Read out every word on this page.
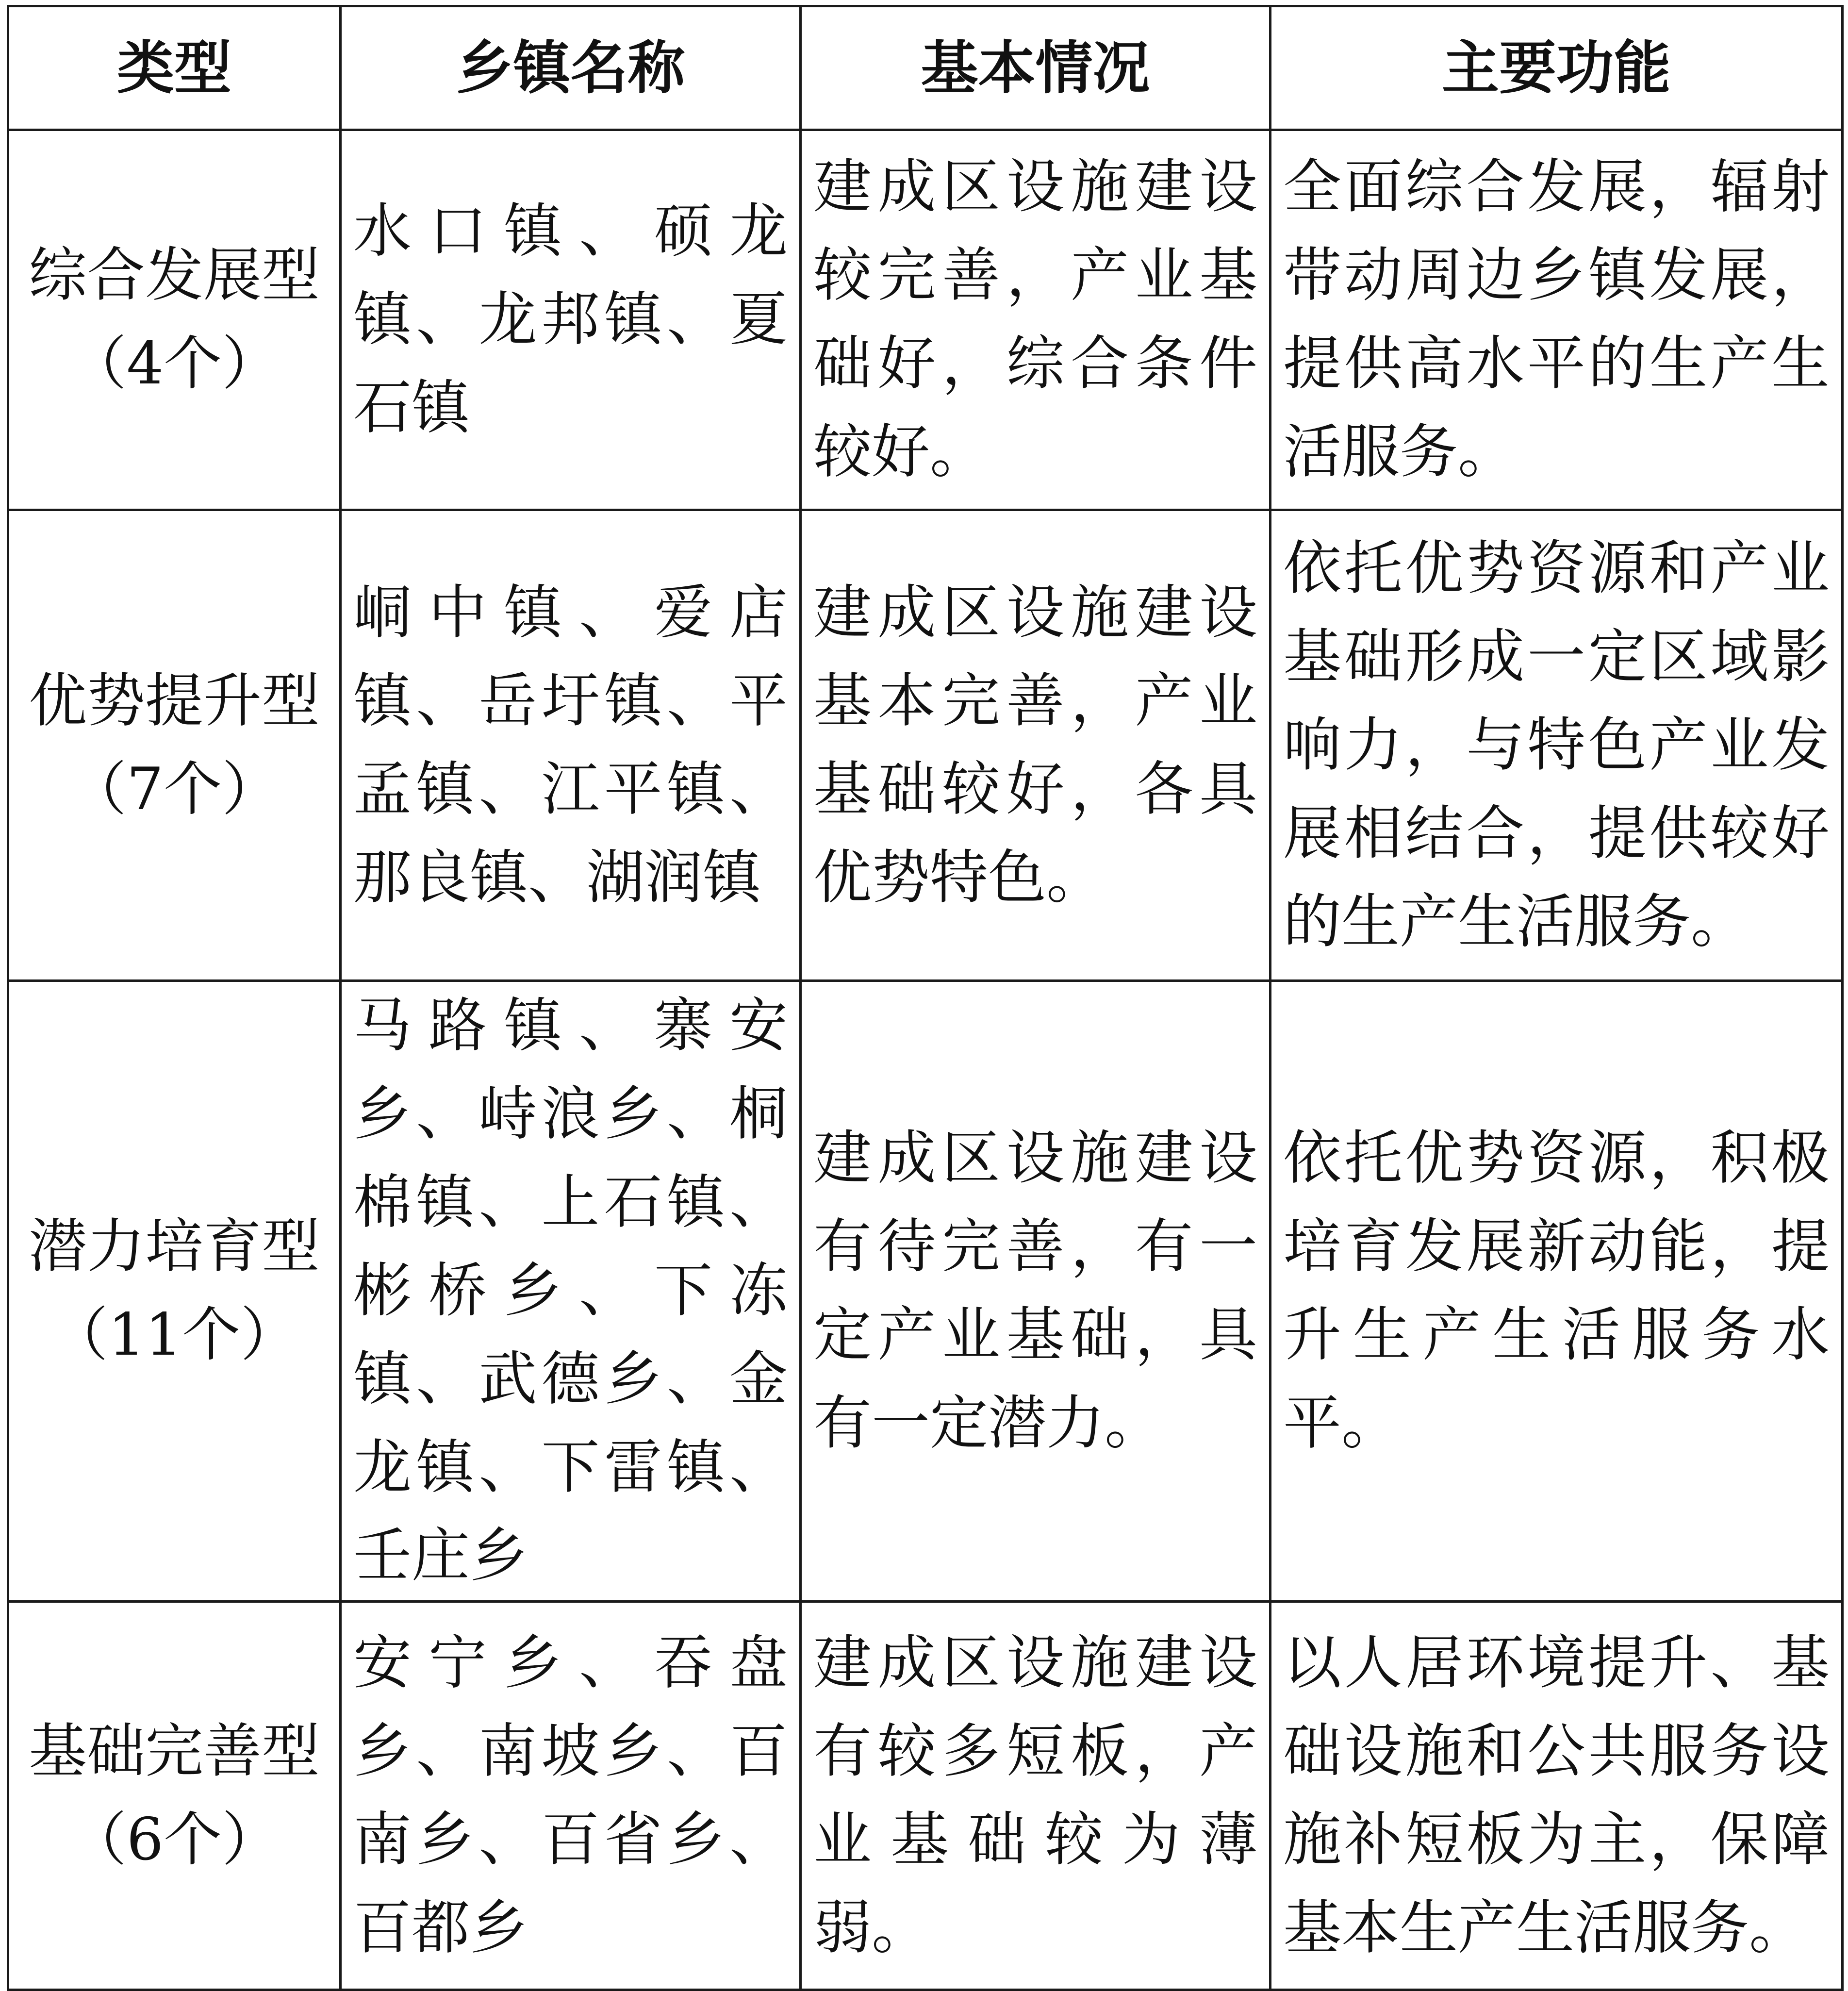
类型	乡镇名称	基本情况	主要功能

综合发展型
（4个）	水口镇、硕龙镇、龙邦镇、夏石镇	建成区设施建设较完善，产业基础好，综合条件较好。	全面综合发展，辐射带动周边乡镇发展，提供高水平的生产生活服务。

优势提升型
（7个）	峒中镇、爱店镇、岳圩镇、平孟镇、江平镇、那良镇、湖润镇	建成区设施建设基本完善，产业基础较好，各具优势特色。	依托优势资源和产业基础形成一定区域影响力，与特色产业发展相结合，提供较好的生产生活服务。

潜力培育型
（11个）	马路镇、寨安乡、峙浪乡、桐棉镇、上石镇、彬桥乡、下冻镇、武德乡、金龙镇、下雷镇、壬庄乡	建成区设施建设有待完善，有一定产业基础，具有一定潜力。	依托优势资源，积极培育发展新动能，提升生产生活服务水平。

基础完善型
（6个）	安宁乡、吞盘乡、南坡乡、百南乡、百省乡、百都乡	建成区设施建设有较多短板，产业基础较为薄弱。	以人居环境提升、基础设施和公共服务设施补短板为主，保障基本生产生活服务。
